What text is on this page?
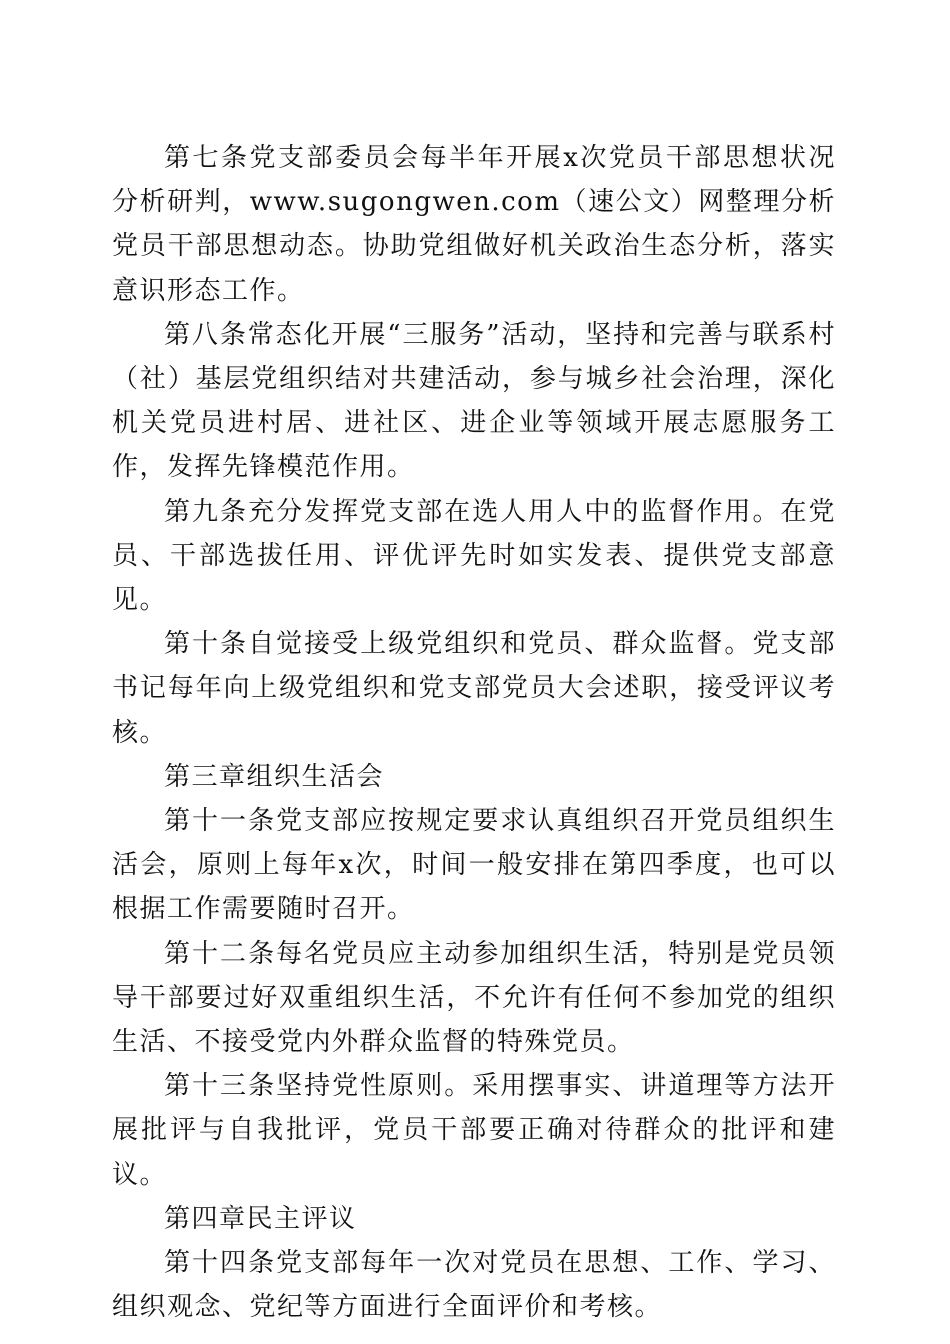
第七条党支部委员会每半年开展x次党员干部思想状况分析研判，www.sugongwen.com（速公文）网整理分析党员干部思想动态。协助党组做好机关政治生态分析，落实意识形态工作。

第八条常态化开展“三服务”活动，坚持和完善与联系村（社）基层党组织结对共建活动，参与城乡社会治理，深化机关党员进村居、进社区、进企业等领域开展志愿服务工作，发挥先锋模范作用。

第九条充分发挥党支部在选人用人中的监督作用。在党员、干部选拔任用、评优评先时如实发表、提供党支部意见。

第十条自觉接受上级党组织和党员、群众监督。党支部书记每年向上级党组织和党支部党员大会述职，接受评议考核。

第三章组织生活会

第十一条党支部应按规定要求认真组织召开党员组织生活会，原则上每年x次，时间一般安排在第四季度，也可以根据工作需要随时召开。

第十二条每名党员应主动参加组织生活，特别是党员领导干部要过好双重组织生活，不允许有任何不参加党的组织生活、不接受党内外群众监督的特殊党员。

第十三条坚持党性原则。采用摆事实、讲道理等方法开展批评与自我批评，党员干部要正确对待群众的批评和建议。

第四章民主评议

第十四条党支部每年一次对党员在思想、工作、学习、组织观念、党纪等方面进行全面评价和考核。
